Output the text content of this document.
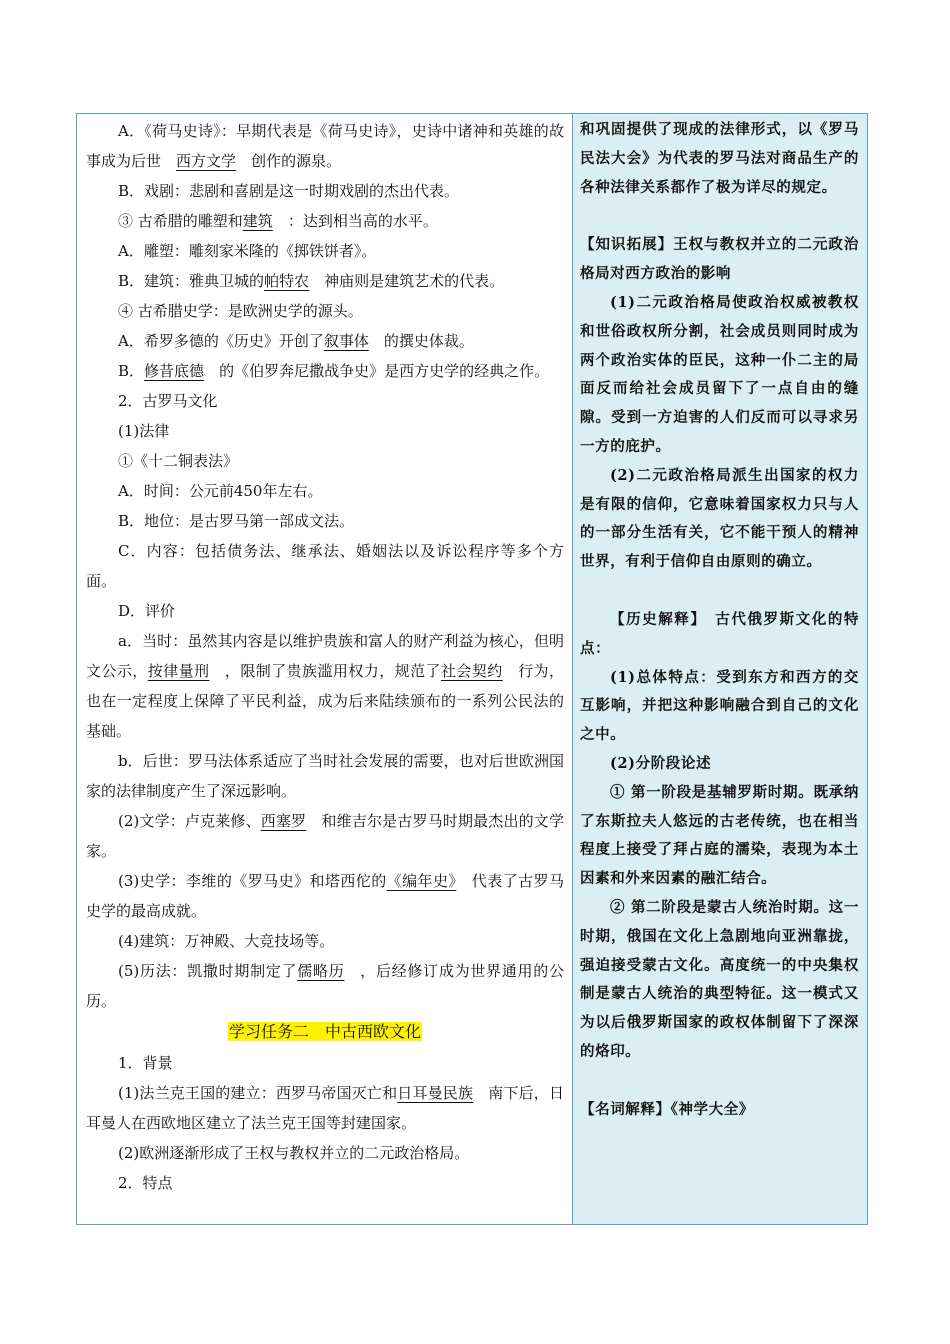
A．《荷马史诗》：早期代表是《荷马史诗》，史诗中诸神和英雄的故事成为后世　 西方文学　 创作的源泉。

B．戏剧：悲剧和喜剧是这一时期戏剧的杰出代表。

③ 古希腊的雕塑和建筑　 ：达到相当高的水平。

A．雕塑：雕刻家米隆的《掷铁饼者》。

B．建筑：雅典卫城的帕特农　 神庙则是建筑艺术的代表。

④ 古希腊史学：是欧洲史学的源头。

A．希罗多德的《历史》开创了叙事体　 的撰史体裁。

B．修昔底德　 的《伯罗奔尼撒战争史》是西方史学的经典之作。

2．古罗马文化

(1)法律

①《十二铜表法》

A．时间：公元前450年左右。

B．地位：是古罗马第一部成文法。

C．内容：包括债务法、继承法、婚姻法以及诉讼程序等多个方面。

D．评价

a．当时：虽然其内容是以维护贵族和富人的财产利益为核心，但明文公示，按律量刑　 ，限制了贵族滥用权力，规范了社会契约　 行为，也在一定程度上保障了平民利益，成为后来陆续颁布的一系列公民法的基础。

b．后世：罗马法体系适应了当时社会发展的需要，也对后世欧洲国家的法律制度产生了深远影响。

(2)文学：卢克莱修、西塞罗　 和维吉尔是古罗马时期最杰出的文学家。

(3)史学：李维的《罗马史》和塔西佗的《编年史》　 代表了古罗马史学的最高成就。

(4)建筑：万神殿、大竞技场等。

(5)历法：凯撒时期制定了儒略历　 ，后经修订成为世界通用的公历。

学习任务二　中古西欧文化

1．背景

(1)法兰克王国的建立：西罗马帝国灭亡和日耳曼民族　 南下后，日耳曼人在西欧地区建立了法兰克王国等封建国家。

(2)欧洲逐渐形成了王权与教权并立的二元政治格局。

2．特点

和巩固提供了现成的法律形式，以《罗马民法大会》为代表的罗马法对商品生产的各种法律关系都作了极为详尽的规定。

【知识拓展】王权与教权并立的二元政治格局对西方政治的影响

(1)二元政治格局使政治权威被教权和世俗政权所分割，社会成员则同时成为两个政治实体的臣民，这种一仆二主的局面反而给社会成员留下了一点自由的缝隙。受到一方迫害的人们反而可以寻求另一方的庇护。

(2)二元政治格局派生出国家的权力是有限的信仰，它意味着国家权力只与人的一部分生活有关，它不能干预人的精神世界，有利于信仰自由原则的确立。

【历史解释】　古代俄罗斯文化的特点：

(1)总体特点：受到东方和西方的交互影响，并把这种影响融合到自己的文化之中。

(2)分阶段论述

① 第一阶段是基辅罗斯时期。既承纳了东斯拉夫人悠远的古老传统，也在相当程度上接受了拜占庭的濡染，表现为本土因素和外来因素的融汇结合。

② 第二阶段是蒙古人统治时期。这一时期，俄国在文化上急剧地向亚洲靠拢，强迫接受蒙古文化。高度统一的中央集权制是蒙古人统治的典型特征。这一模式又为以后俄罗斯国家的政权体制留下了深深的烙印。

【名词解释】《神学大全》
